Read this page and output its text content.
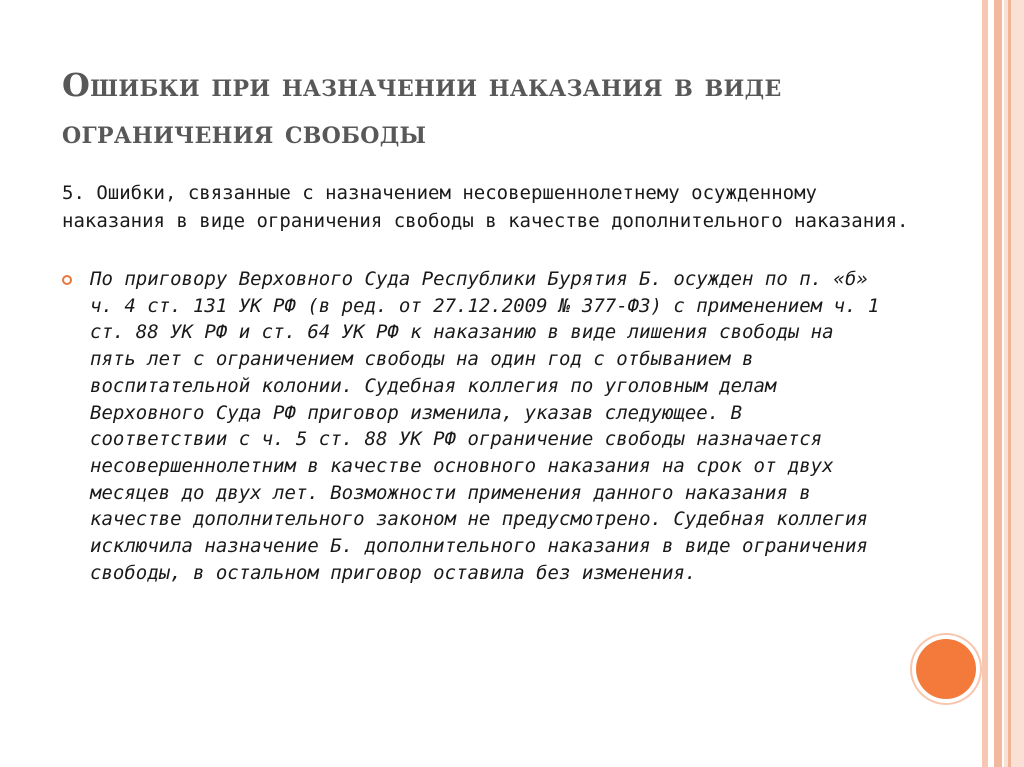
Ошибки при назначении наказания в виде ограничения свободы

5. Ошибки, связанные с назначением несовершеннолетнему осужденному наказания в виде ограничения свободы в качестве дополнительного наказания.

По приговору Верховного Суда Республики Бурятия Б. осужден по п. «б» ч. 4 ст. 131 УК РФ (в ред. от 27.12.2009 № 377-ФЗ) с применением ч. 1 ст. 88 УК РФ и ст. 64 УК РФ к наказанию в виде лишения свободы на пять лет с ограничением свободы на один год с отбыванием в воспитательной колонии. Судебная коллегия по уголовным делам Верховного Суда РФ приговор изменила, указав следующее. В соответствии с ч. 5 ст. 88 УК РФ ограничение свободы назначается несовершеннолетним в качестве основного наказания на срок от двух месяцев до двух лет. Возможности применения данного наказания в качестве дополнительного законом не предусмотрено. Судебная коллегия исключила назначение Б. дополнительного наказания в виде ограничения свободы, в остальном приговор оставила без изменения.
